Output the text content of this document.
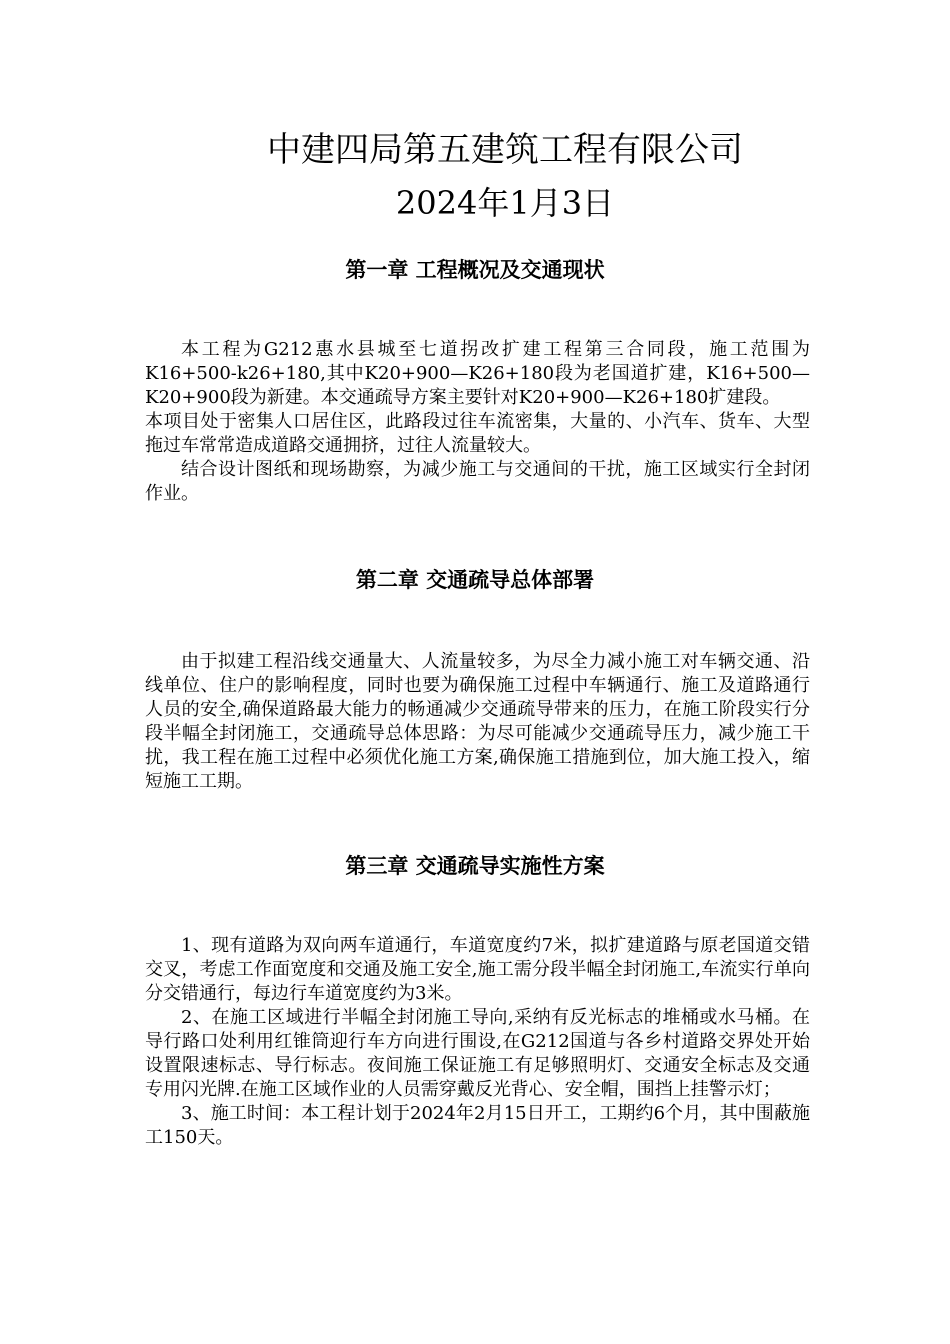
中建四局第五建筑工程有限公司
2024年1月3日
第一章 工程概况及交通现状

本工程为G212惠水县城至七道拐改扩建工程第三合同段，施工范围为K16+500-k26+180,其中K20+900—K26+180段为老国道扩建，K16+500—K20+900段为新建。本交通疏导方案主要针对K20+900—K26+180扩建段。

本项目处于密集人口居住区，此路段过往车流密集，大量的、小汽车、货车、大型拖过车常常造成道路交通拥挤，过往人流量较大。

结合设计图纸和现场勘察，为减少施工与交通间的干扰，施工区域实行全封闭作业。

第二章 交通疏导总体部署

由于拟建工程沿线交通量大、人流量较多，为尽全力减小施工对车辆交通、沿线单位、住户的影响程度，同时也要为确保施工过程中车辆通行、施工及道路通行人员的安全,确保道路最大能力的畅通减少交通疏导带来的压力，在施工阶段实行分段半幅全封闭施工，交通疏导总体思路：为尽可能减少交通疏导压力，减少施工干扰，我工程在施工过程中必须优化施工方案,确保施工措施到位，加大施工投入，缩短施工工期。

第三章 交通疏导实施性方案

1、现有道路为双向两车道通行，车道宽度约7米，拟扩建道路与原老国道交错交叉，考虑工作面宽度和交通及施工安全,施工需分段半幅全封闭施工,车流实行单向分交错通行，每边行车道宽度约为3米。

2、在施工区域进行半幅全封闭施工导向,采纳有反光标志的堆桶或水马桶。在导行路口处利用红锥筒迎行车方向进行围设,在G212国道与各乡村道路交界处开始设置限速标志、导行标志。夜间施工保证施工有足够照明灯、交通安全标志及交通专用闪光牌.在施工区域作业的人员需穿戴反光背心、安全帽，围挡上挂警示灯；

3、施工时间：本工程计划于2024年2月15日开工，工期约6个月，其中围蔽施工150天。
